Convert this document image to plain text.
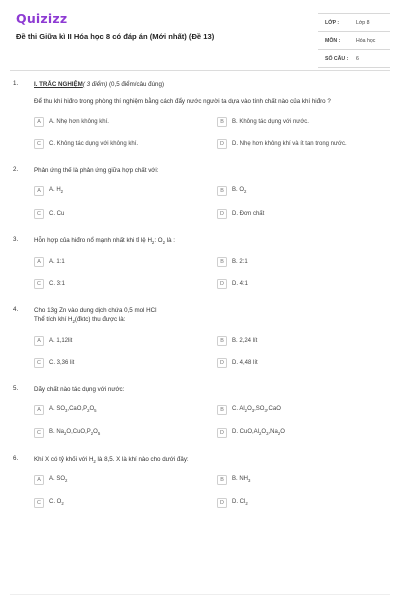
Quizizz
Đề thi Giữa kì II Hóa học 8 có đáp án (Mới nhất) (Đề 13)
LỚP :	Lớp 8
MÔN :	Hóa học
SỐ CÂU :	6
1.	I. TRẮC NGHIỆM( 3 điểm) (0,5 điểm/câu đúng)
Để thu khí hiđro trong phòng thí nghiệm bằng cách đẩy nước người ta dựa vào tính chất nào của khí hiđro ?
A	A. Nhẹ hơn không khí.	B	B. Không tác dụng với nước.
C	C. Không tác dụng với không khí.	D	D. Nhẹ hơn không khí và ít tan trong nước.
2.	Phản ứng thế là phản ứng giữa hợp chất với:
A	A. $H_2$	B	B. $O_2$
C	C. Cu	D	D. Đơn chất
3.	Hỗn hợp của hiđro nổ mạnh nhất khi tỉ lệ $H_2$: $O_2$ là :
A	A. 1:1	B	B. 2:1
C	C. 3:1	D	D. 4:1
4.	Cho 13g Zn vào dung dịch chứa 0,5 mol HCl
Thể tích khí $H_2(đktc)$ thu được là:
A	A. 1,12lit	B	B. 2,24 lít
C	C. 3,36 lit	D	D. 4,48 lít
5.	Dãy chất nào tác dụng với nước:
A	A. $SO_3,CaO,P_2O_5$	B	C. $Al_2O_3,SO_3,CaO$
C	B. $Na_2O,CuO,P_2O_5$	D	D. $CuO,Al_2O_3,Na_2O$
6.	Khí X có tỷ khối với $H_2$ là 8,5. X là khí nào cho dưới đây:
A	A. $SO_2$	B	B. $NH_3$
C	C. $O_2$	D	D. $Cl_2$
